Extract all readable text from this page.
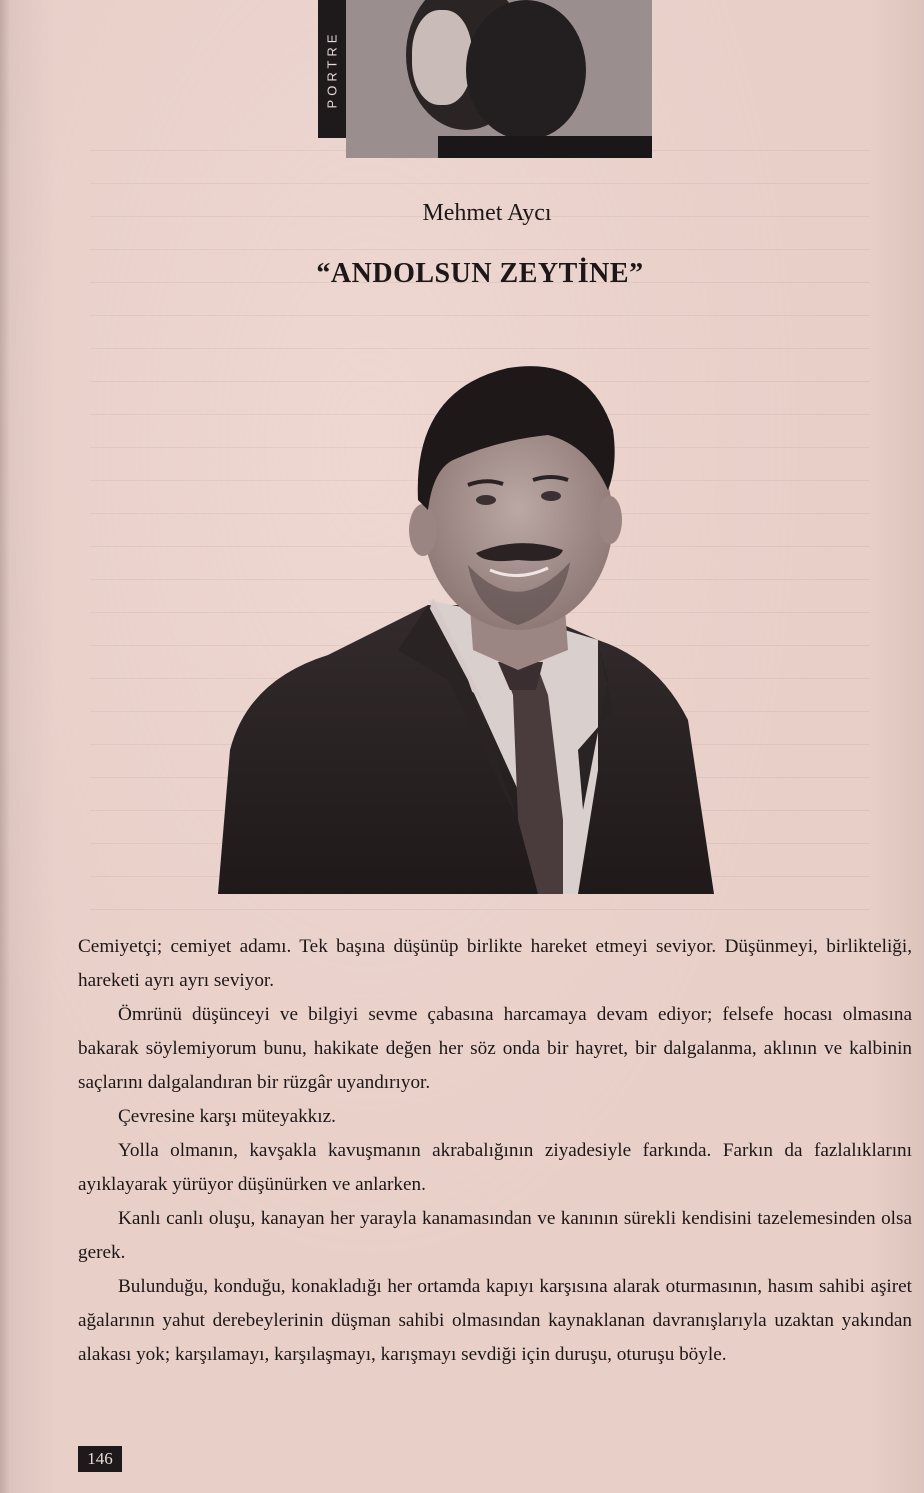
PORTRE
Mehmet Aycı
“ANDOLSUN ZEYTİNE”

Cemiyetçi; cemiyet adamı. Tek başına düşünüp birlikte hareket etmeyi seviyor. Düşünmeyi, birlikteliği, hareketi ayrı ayrı seviyor.

Ömrünü düşünceyi ve bilgiyi sevme çabasına harcamaya devam ediyor; felsefe hocası olmasına bakarak söylemiyorum bunu, hakikate değen her söz onda bir hayret, bir dalgalanma, aklının ve kalbinin saçlarını dalgalandıran bir rüzgâr uyandırıyor.

Çevresine karşı müteyakkız.

Yolla olmanın, kavşakla kavuşmanın akrabalığının ziyadesiyle farkında. Farkın da fazlalıklarını ayıklayarak yürüyor düşünürken ve anlarken.

Kanlı canlı oluşu, kanayan her yarayla kanamasından ve kanının sürekli kendisini tazelemesinden olsa gerek.

Bulunduğu, konduğu, konakladığı her ortamda kapıyı karşısına alarak oturmasının, hasım sahibi aşiret ağalarının yahut derebeylerinin düşman sahibi olmasından kaynaklanan davranışlarıyla uzaktan yakından alakası yok; karşılamayı, karşılaşmayı, karışmayı sevdiği için duruşu, oturuşu böyle.

146
